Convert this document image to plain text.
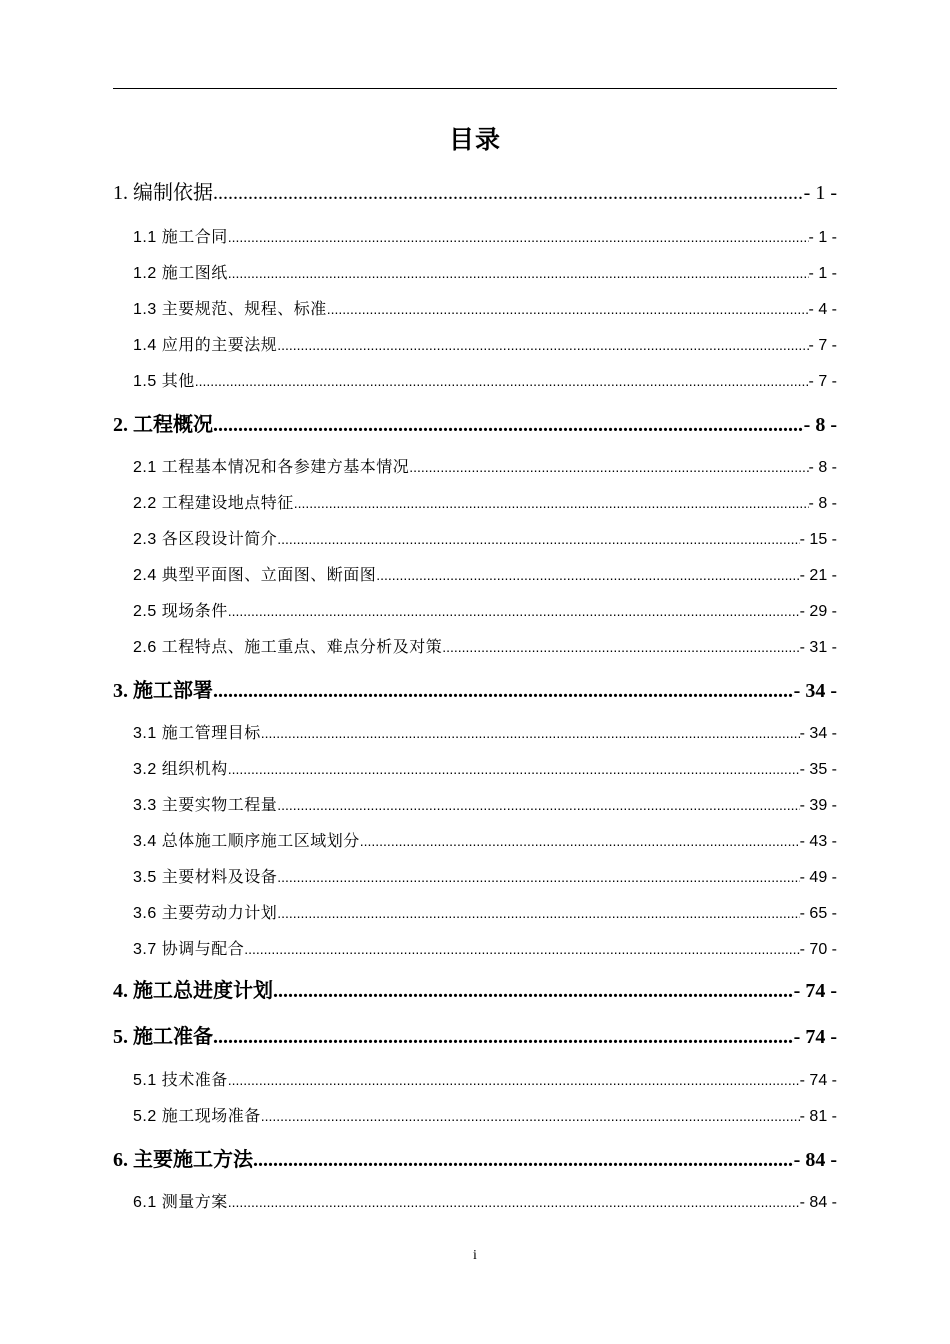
目录
1. 编制依据 .....	- 1 -
1.1 施工合同 .....	- 1 -
1.2 施工图纸 .....	- 1 -
1.3 主要规范、规程、标准 .....	- 4 -
1.4 应用的主要法规 .....	- 7 -
1.5 其他 .....	- 7 -
2. 工程概况 .....	- 8 -
2.1 工程基本情况和各参建方基本情况 .....	- 8 -
2.2 工程建设地点特征 .....	- 8 -
2.3 各区段设计简介 .....	- 15 -
2.4 典型平面图、立面图、断面图 .....	- 21 -
2.5 现场条件 .....	- 29 -
2.6 工程特点、施工重点、难点分析及对策 .....	- 31 -
3. 施工部署 .....	- 34 -
3.1 施工管理目标 .....	- 34 -
3.2 组织机构 .....	- 35 -
3.3 主要实物工程量 .....	- 39 -
3.4 总体施工顺序施工区域划分 .....	- 43 -
3.5 主要材料及设备 .....	- 49 -
3.6 主要劳动力计划 .....	- 65 -
3.7 协调与配合 .....	- 70 -
4. 施工总进度计划 .....	- 74 -
5. 施工准备 .....	- 74 -
5.1 技术准备 .....	- 74 -
5.2 施工现场准备 .....	- 81 -
6. 主要施工方法 .....	- 84 -
6.1 测量方案 .....	- 84 -
i
